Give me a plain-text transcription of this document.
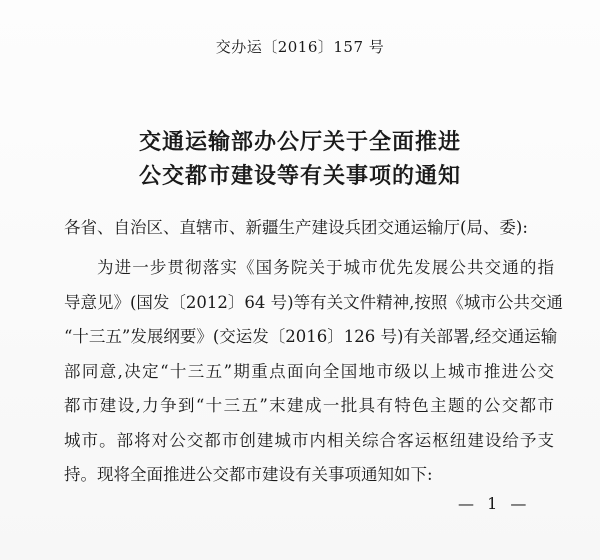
交办运〔2016〕157 号
交通运输部办公厅关于全面推进
公交都市建设等有关事项的通知
各省、自治区、直辖市、新疆生产建设兵团交通运输厅(局、委):
为进一步贯彻落实《国务院关于城市优先发展公共交通的指
导意见》(国发〔2012〕64 号)等有关文件精神,按照《城市公共交通
“十三五”发展纲要》(交运发〔2016〕126 号)有关部署,经交通运输
部同意,决定“十三五”期重点面向全国地市级以上城市推进公交
都市建设,力争到“十三五”末建成一批具有特色主题的公交都市
城市。部将对公交都市创建城市内相关综合客运枢纽建设给予支
持。现将全面推进公交都市建设有关事项通知如下:
— 1 —
